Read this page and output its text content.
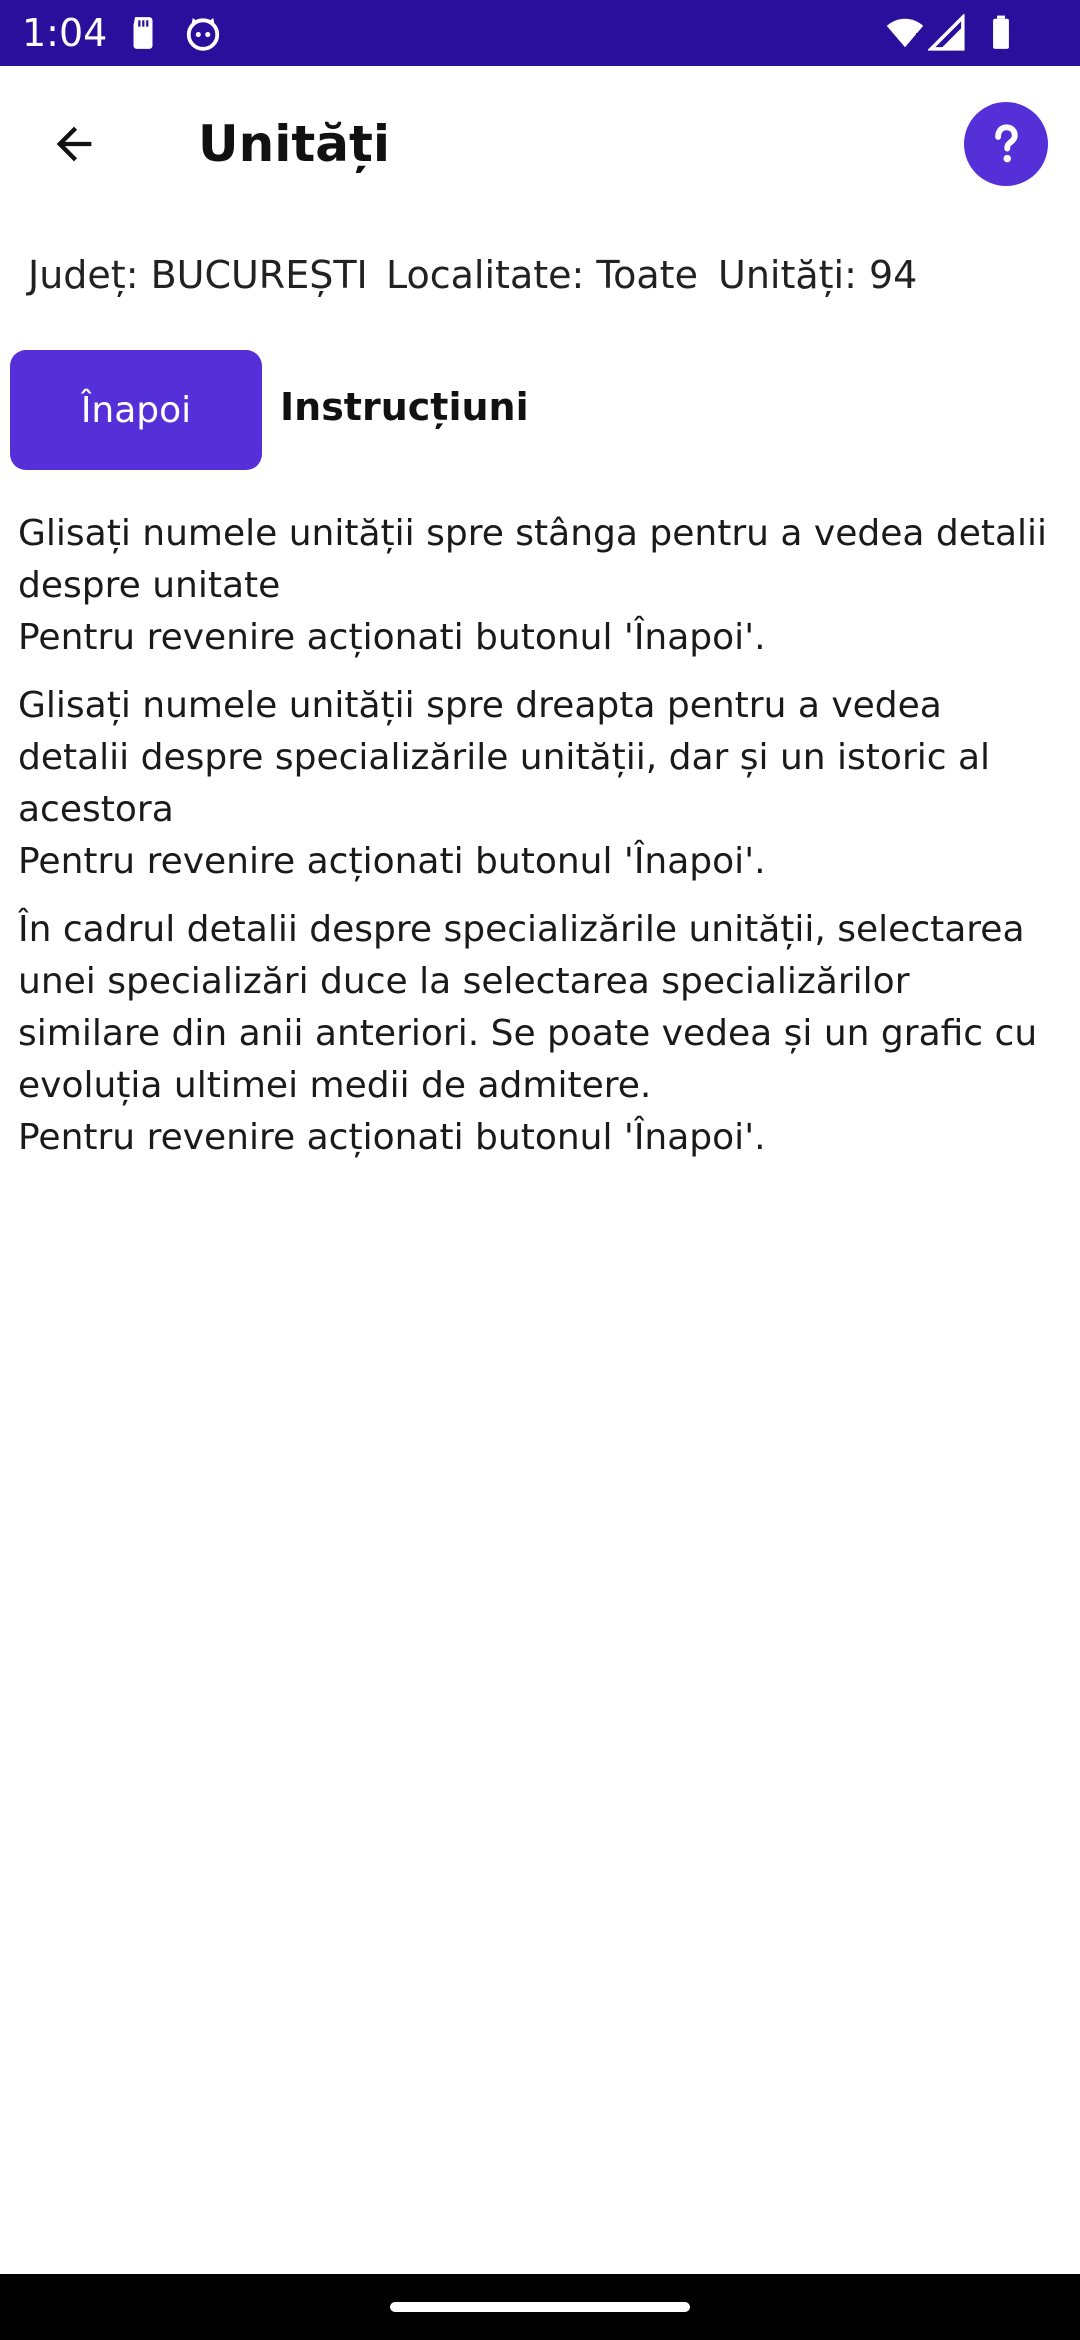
1:04
Unități
Județ: BUCUREȘTI Localitate: Toate Unități: 94
Înapoi	Instrucțiuni

Glisați numele unității spre stânga pentru a vedea detalii despre unitate
Pentru revenire acționati butonul 'Înapoi'.

Glisați numele unității spre dreapta pentru a vedea detalii despre specializările unității, dar și un istoric al acestora
Pentru revenire acționati butonul 'Înapoi'.

În cadrul detalii despre specializările unității, selectarea unei specializări duce la selectarea specializărilor similare din anii anteriori. Se poate vedea și un grafic cu evoluția ultimei medii de admitere.
Pentru revenire acționati butonul 'Înapoi'.
